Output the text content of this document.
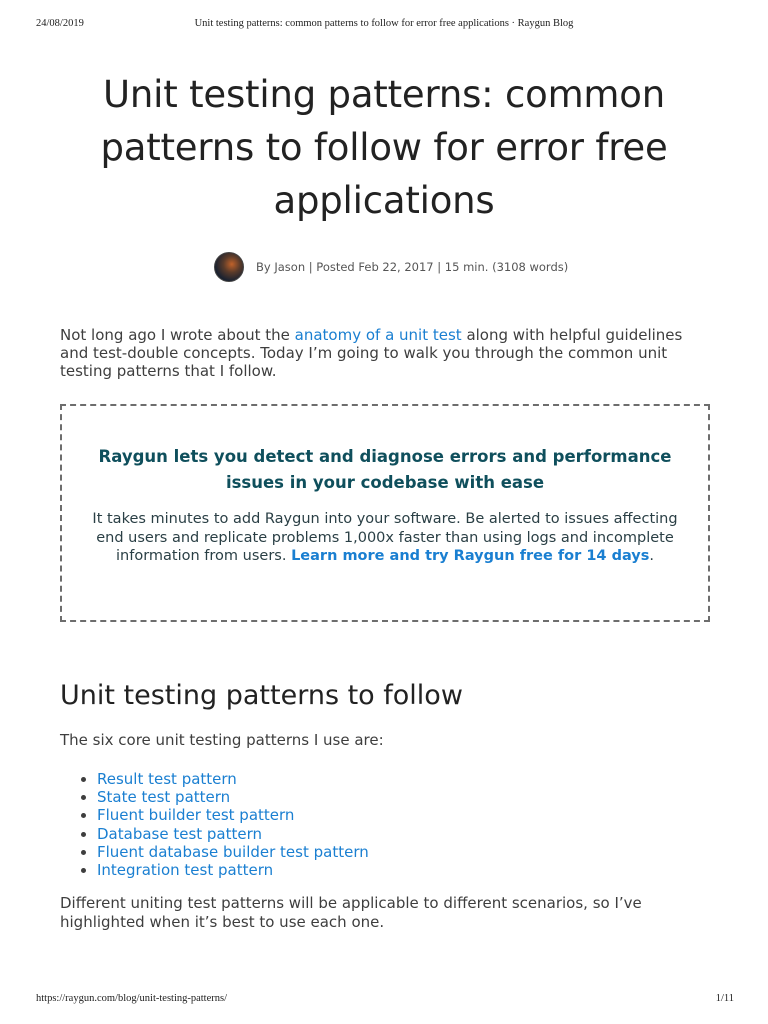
24/08/2019	Unit testing patterns: common patterns to follow for error free applications · Raygun Blog
Unit testing patterns: common patterns to follow for error free applications
By Jason | Posted Feb 22, 2017 | 15 min. (3108 words)

Not long ago I wrote about the anatomy of a unit test along with helpful guidelines and test-double concepts. Today I’m going to walk you through the common unit testing patterns that I follow.

Raygun lets you detect and diagnose errors and performance issues in your codebase with ease

It takes minutes to add Raygun into your software. Be alerted to issues affecting end users and replicate problems 1,000x faster than using logs and incomplete information from users. Learn more and try Raygun free for 14 days.

Unit testing patterns to follow

The six core unit testing patterns I use are:

• Result test pattern
• State test pattern
• Fluent builder test pattern
• Database test pattern
• Fluent database builder test pattern
• Integration test pattern

Different uniting test patterns will be applicable to different scenarios, so I’ve highlighted when it’s best to use each one.

https://raygun.com/blog/unit-testing-patterns/	1/11
